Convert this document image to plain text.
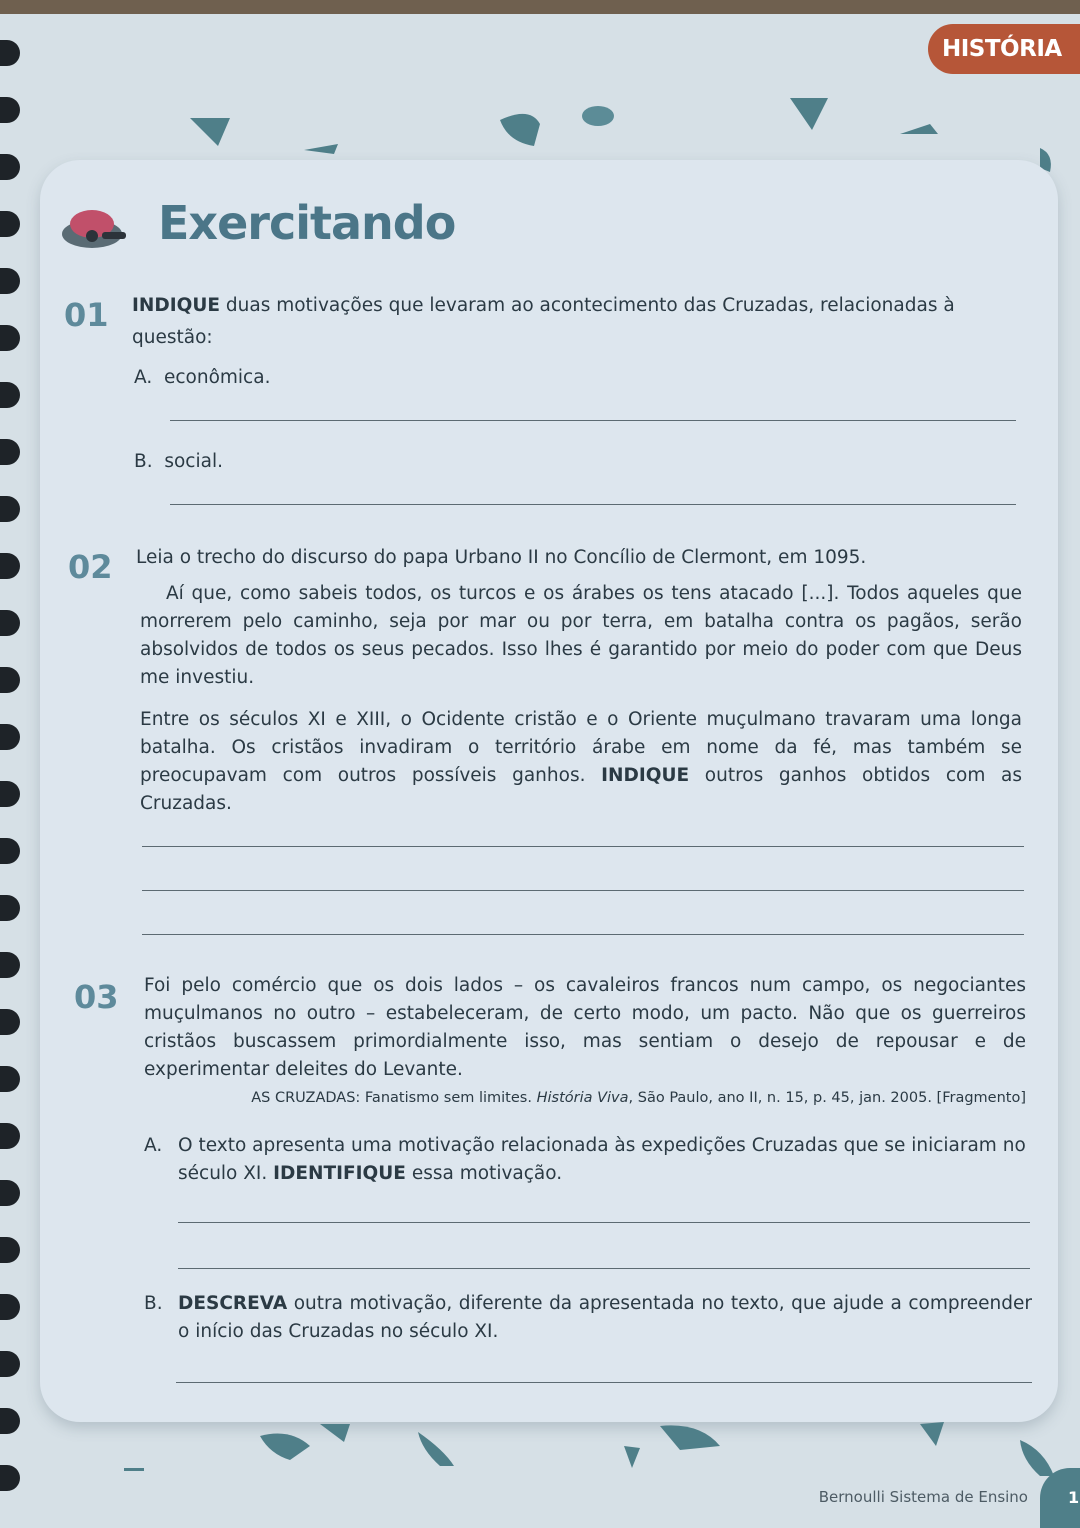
HISTÓRIA
Exercitando
01 INDIQUE duas motivações que levaram ao acontecimento das Cruzadas, relacionadas à
questão:
A. econômica.
B. social.
02 Leia o trecho do discurso do papa Urbano II no Concílio de Clermont, em 1095.
Aí que, como sabeis todos, os turcos e os árabes os tens atacado [...]. Todos aqueles que morrerem pelo caminho, seja por mar ou por terra, em batalha contra os pagãos, serão absolvidos de todos os seus pecados. Isso lhes é garantido por meio do poder com que Deus me investiu.
Entre os séculos XI e XIII, o Ocidente cristão e o Oriente muçulmano travaram uma longa batalha. Os cristãos invadiram o território árabe em nome da fé, mas também se preocupavam com outros possíveis ganhos. INDIQUE outros ganhos obtidos com as Cruzadas.
03 Foi pelo comércio que os dois lados – os cavaleiros francos num campo, os negociantes muçulmanos no outro – estabeleceram, de certo modo, um pacto. Não que os guerreiros cristãos buscassem primordialmente isso, mas sentiam o desejo de repousar e de experimentar deleites do Levante.
AS CRUZADAS: Fanatismo sem limites. História Viva, São Paulo, ano II, n. 15, p. 45, jan. 2005. [Fragmento]
A. O texto apresenta uma motivação relacionada às expedições Cruzadas que se iniciaram no século XI. IDENTIFIQUE essa motivação.
B. DESCREVA outra motivação, diferente da apresentada no texto, que ajude a compreender o início das Cruzadas no século XI.
Bernoulli Sistema de Ensino	1
